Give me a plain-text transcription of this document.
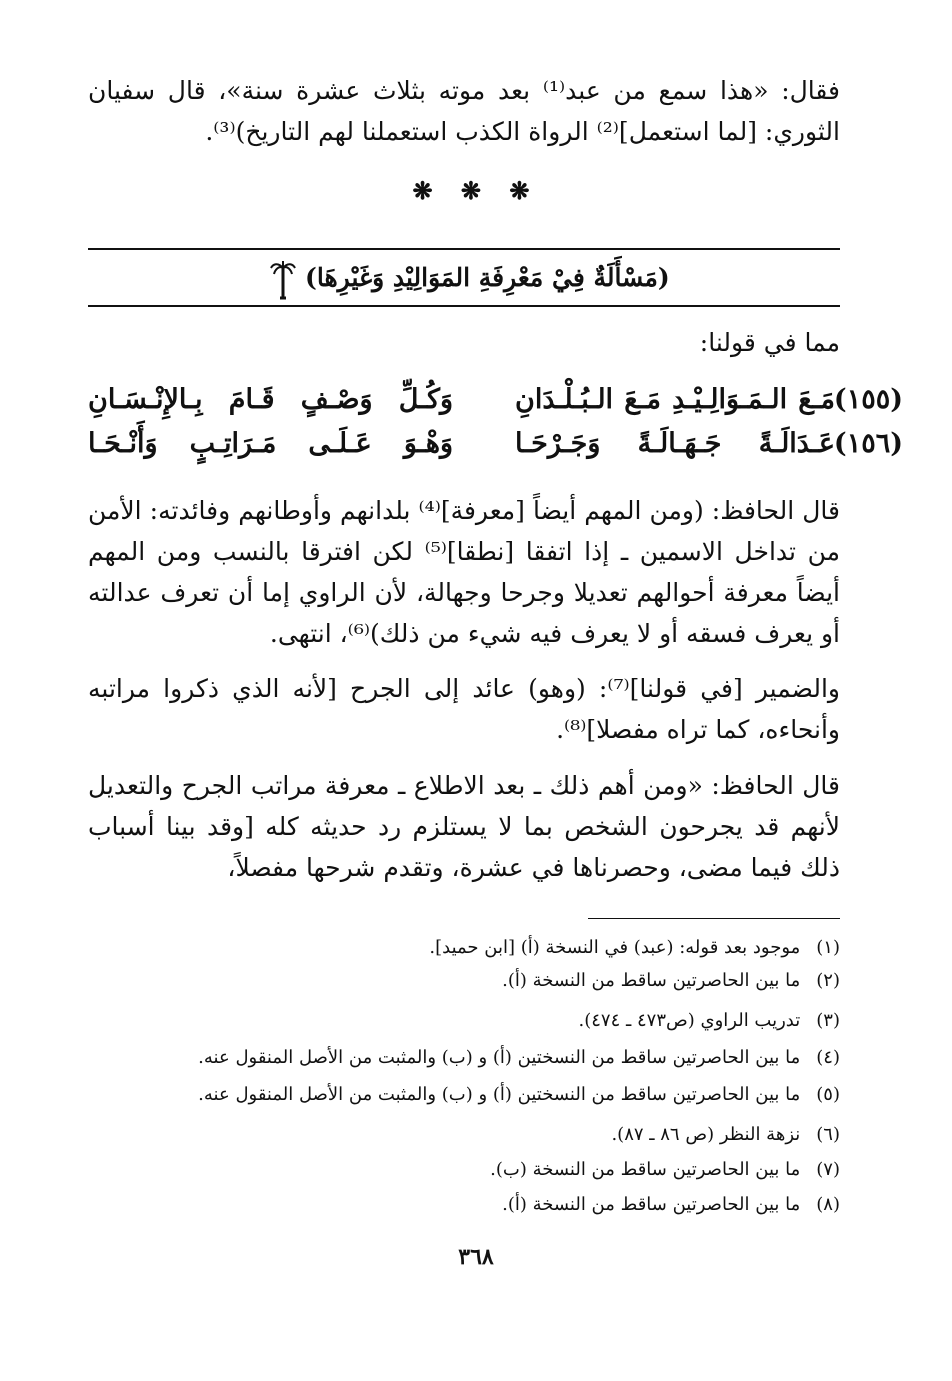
فقال: «هذا سمع من عبد⁽¹⁾ بعد موته بثلاث عشرة سنة»، قال سفيان الثوري: [لما استعمل]⁽²⁾ الرواة الكذب استعملنا لهم التاريخ)⁽³⁾.
❋ ❋ ❋
(مَسْأَلَةٌ فِيْ مَعْرِفَةِ المَوَالِيْدِ وَغَيْرِهَا)
مما في قولنا:
(١٥٥)
مَـعَ الـمَـوَالِـيْـدِ مَـعَ الـبُـلْـدَانِ
وَكُـلِّ وَصْـفٍ قَـامَ بِـالإِنْـسَـانِ
(١٥٦)
عَـدَالَـةً جَـهَـالَـةً وَجَـرْحَـا
وَهْـوَ عَـلَـى مَـرَاتِـبٍ وَأَنْـحَـا
قال الحافظ: (ومن المهم أيضاً [معرفة]⁽⁴⁾ بلدانهم وأوطانهم وفائدته: الأمن من تداخل الاسمين ـ إذا اتفقا [نطقا]⁽⁵⁾ لكن افترقا بالنسب ومن المهم أيضاً معرفة أحوالهم تعديلا وجرحا وجهالة، لأن الراوي إما أن تعرف عدالته أو يعرف فسقه أو لا يعرف فيه شيء من ذلك)⁽⁶⁾، انتهى.
والضمير [في قولنا]⁽⁷⁾: (وهو) عائد إلى الجرح [لأنه الذي ذكروا مراتبه وأنحاءه، كما تراه مفصلا]⁽⁸⁾.
قال الحافظ: «ومن أهم ذلك ـ بعد الاطلاع ـ معرفة مراتب الجرح والتعديل لأنهم قد يجرحون الشخص بما لا يستلزم رد حديثه كله [وقد بينا أسباب ذلك فيما مضى، وحصرناها في عشرة، وتقدم شرحها مفصلاً،
(١) موجود بعد قوله: (عبد) في النسخة (أ) [ابن حميد].
(٢) ما بين الحاصرتين ساقط من النسخة (أ).
(٣) تدريب الراوي (ص٤٧٣ ـ ٤٧٤).
(٤) ما بين الحاصرتين ساقط من النسختين (أ) و (ب) والمثبت من الأصل المنقول عنه.
(٥) ما بين الحاصرتين ساقط من النسختين (أ) و (ب) والمثبت من الأصل المنقول عنه.
(٦) نزهة النظر (ص ٨٦ ـ ٨٧).
(٧) ما بين الحاصرتين ساقط من النسخة (ب).
(٨) ما بين الحاصرتين ساقط من النسخة (أ).
٣٦٨
